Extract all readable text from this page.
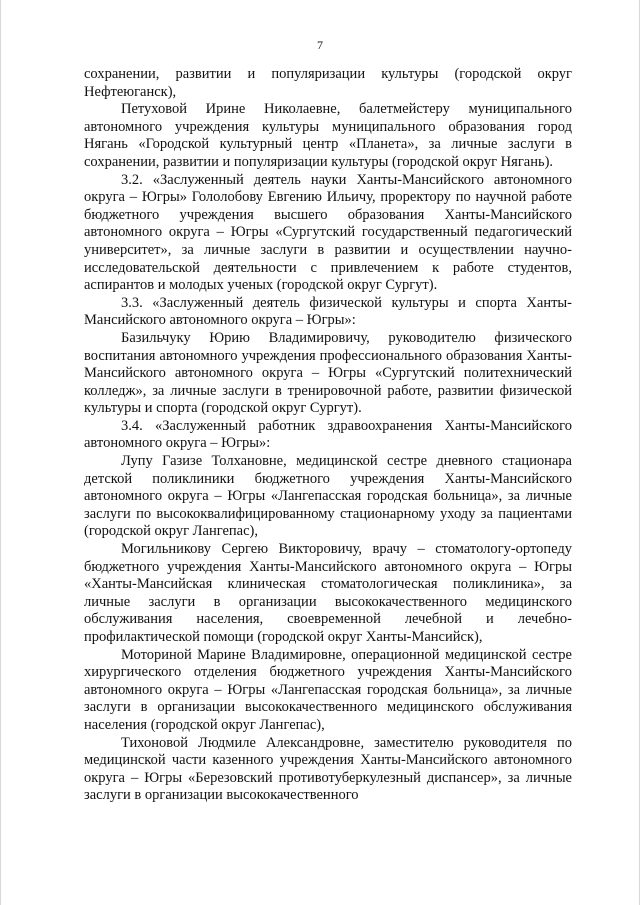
7

сохранении, развитии и популяризации культуры (городской округ Нефтеюганск),

Петуховой Ирине Николаевне, балетмейстеру муниципального автономного учреждения культуры муниципального образования город Нягань «Городской культурный центр «Планета», за личные заслуги в сохранении, развитии и популяризации культуры (городской округ Нягань).

3.2. «Заслуженный деятель науки Ханты-Мансийского автономного округа – Югры» Гололобову Евгению Ильичу, проректору по научной работе бюджетного учреждения высшего образования Ханты-Мансийского автономного округа – Югры «Сургутский государственный педагогический университет», за личные заслуги в развитии и осуществлении научно-исследовательской деятельности с привлечением к работе студентов, аспирантов и молодых ученых (городской округ Сургут).

3.3. «Заслуженный деятель физической культуры и спорта Ханты-Мансийского автономного округа – Югры»:

Базильчуку Юрию Владимировичу, руководителю физического воспитания автономного учреждения профессионального образования Ханты-Мансийского автономного округа – Югры «Сургутский политехнический колледж», за личные заслуги в тренировочной работе, развитии физической культуры и спорта (городской округ Сургут).

3.4. «Заслуженный работник здравоохранения Ханты-Мансийского автономного округа – Югры»:

Лупу Газизе Толхановне, медицинской сестре дневного стационара детской поликлиники бюджетного учреждения Ханты-Мансийского автономного округа – Югры «Лангепасская городская больница», за личные заслуги по высококвалифицированному стационарному уходу за пациентами (городской округ Лангепас),

Могильникову Сергею Викторовичу, врачу – стоматологу-ортопеду бюджетного учреждения Ханты-Мансийского автономного округа – Югры «Ханты-Мансийская клиническая стоматологическая поликлиника», за личные заслуги в организации высококачественного медицинского обслуживания населения, своевременной лечебной и лечебно-профилактической помощи (городской округ Ханты-Мансийск),

Моториной Марине Владимировне, операционной медицинской сестре хирургического отделения бюджетного учреждения Ханты-Мансийского автономного округа – Югры «Лангепасская городская больница», за личные заслуги в организации высококачественного медицинского обслуживания населения (городской округ Лангепас),

Тихоновой Людмиле Александровне, заместителю руководителя по медицинской части казенного учреждения Ханты-Мансийского автономного округа – Югры «Березовский противотуберкулезный диспансер», за личные заслуги в организации высококачественного
